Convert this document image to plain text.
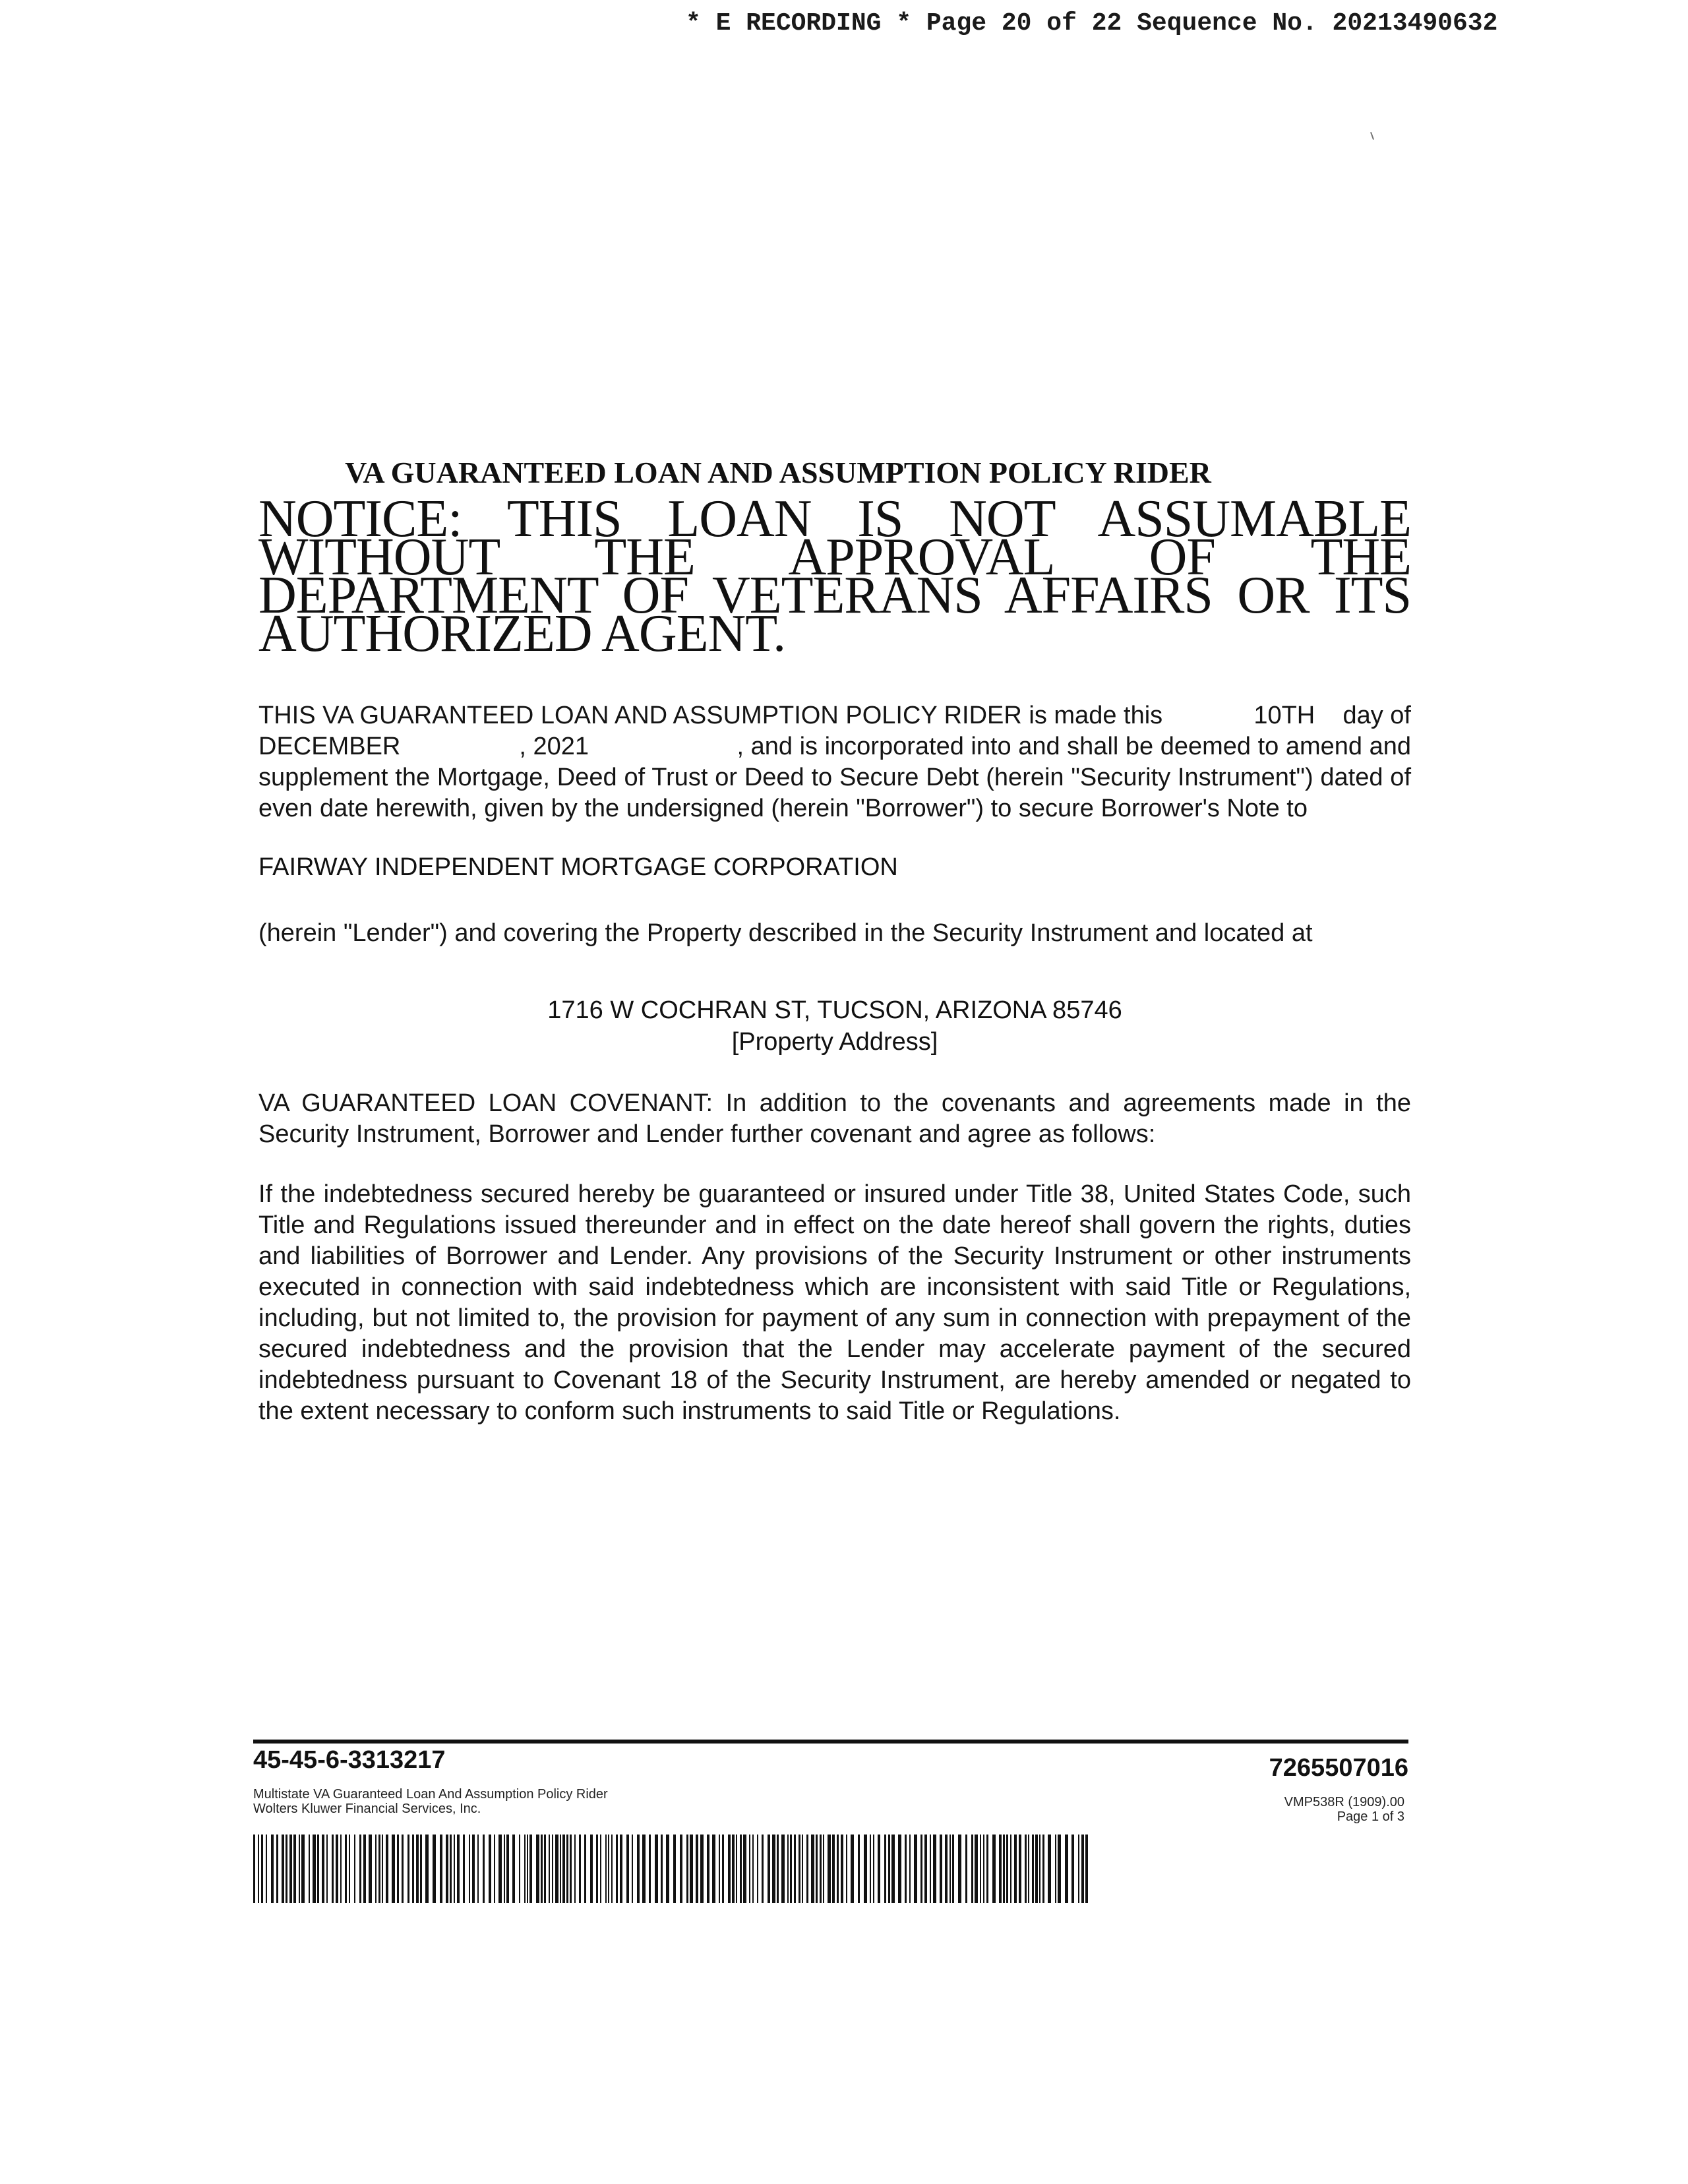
* E RECORDING * Page 20 of 22 Sequence No. 20213490632
VA GUARANTEED LOAN AND ASSUMPTION POLICY RIDER
NOTICE: THIS LOAN IS NOT ASSUMABLE WITHOUT THE APPROVAL OF THE DEPARTMENT OF VETERANS AFFAIRS OR ITS AUTHORIZED AGENT.
THIS VA GUARANTEED LOAN AND ASSUMPTION POLICY RIDER is made this	10TH day of
DECEMBER	, 2021	, and is incorporated into and shall be deemed to amend and
supplement the Mortgage, Deed of Trust or Deed to Secure Debt (herein "Security Instrument") dated of even date herewith, given by the undersigned (herein "Borrower") to secure Borrower's Note to
FAIRWAY INDEPENDENT MORTGAGE CORPORATION
(herein "Lender") and covering the Property described in the Security Instrument and located at
1716 W COCHRAN ST, TUCSON, ARIZONA 85746
[Property Address]
VA GUARANTEED LOAN COVENANT: In addition to the covenants and agreements made in the Security Instrument, Borrower and Lender further covenant and agree as follows:
If the indebtedness secured hereby be guaranteed or insured under Title 38, United States Code, such Title and Regulations issued thereunder and in effect on the date hereof shall govern the rights, duties and liabilities of Borrower and Lender. Any provisions of the Security Instrument or other instruments executed in connection with said indebtedness which are inconsistent with said Title or Regulations, including, but not limited to, the provision for payment of any sum in connection with prepayment of the secured indebtedness and the provision that the Lender may accelerate payment of the secured indebtedness pursuant to Covenant 18 of the Security Instrument, are hereby amended or negated to the extent necessary to conform such instruments to said Title or Regulations.
45-45-6-3313217	7265507016
Multistate VA Guaranteed Loan And Assumption Policy Rider
Wolters Kluwer Financial Services, Inc.	VMP538R (1909).00
Page 1 of 3
